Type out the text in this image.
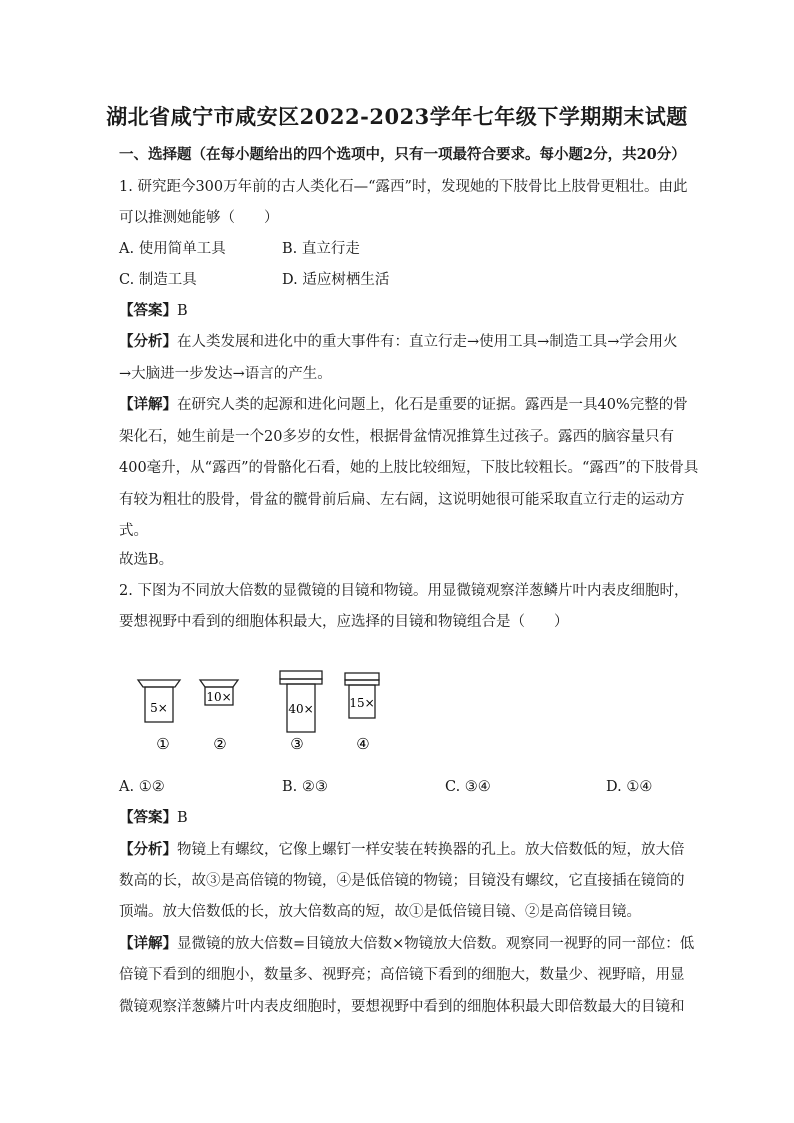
湖北省咸宁市咸安区2022-2023学年七年级下学期期末试题
一、选择题（在每小题给出的四个选项中，只有一项最符合要求。每小题2分，共20分）
1. 研究距今300万年前的古人类化石—“露西”时，发现她的下肢骨比上肢骨更粗壮。由此
可以推测她能够（　　）
A. 使用简单工具	B. 直立行走
C. 制造工具	D. 适应树栖生活
【答案】B
【分析】在人类发展和进化中的重大事件有：直立行走→使用工具→制造工具→学会用火
→大脑进一步发达→语言的产生。
【详解】在研究人类的起源和进化问题上，化石是重要的证据。露西是一具40%完整的骨
架化石，她生前是一个20多岁的女性，根据骨盆情况推算生过孩子。露西的脑容量只有
400毫升，从“露西”的骨骼化石看，她的上肢比较细短，下肢比较粗长。“露西”的下肢骨具
有较为粗壮的股骨，骨盆的髋骨前后扁、左右阔，这说明她很可能采取直立行走的运动方
式。
故选B。
2. 下图为不同放大倍数的显微镜的目镜和物镜。用显微镜观察洋葱鳞片叶内表皮细胞时，
要想视野中看到的细胞体积最大，应选择的目镜和物镜组合是（　　）
5×
10×
40×	15×
①	②	③	④
A. ①②	B. ②③	C. ③④	D. ①④
【答案】B
【分析】物镜上有螺纹，它像上螺钉一样安装在转换器的孔上。放大倍数低的短，放大倍
数高的长，故③是高倍镜的物镜，④是低倍镜的物镜；目镜没有螺纹，它直接插在镜筒的
顶端。放大倍数低的长，放大倍数高的短，故①是低倍镜目镜、②是高倍镜目镜。
【详解】显微镜的放大倍数=目镜放大倍数×物镜放大倍数。观察同一视野的同一部位：低
倍镜下看到的细胞小，数量多、视野亮；高倍镜下看到的细胞大，数量少、视野暗，用显
微镜观察洋葱鳞片叶内表皮细胞时，要想视野中看到的细胞体积最大即倍数最大的目镜和
